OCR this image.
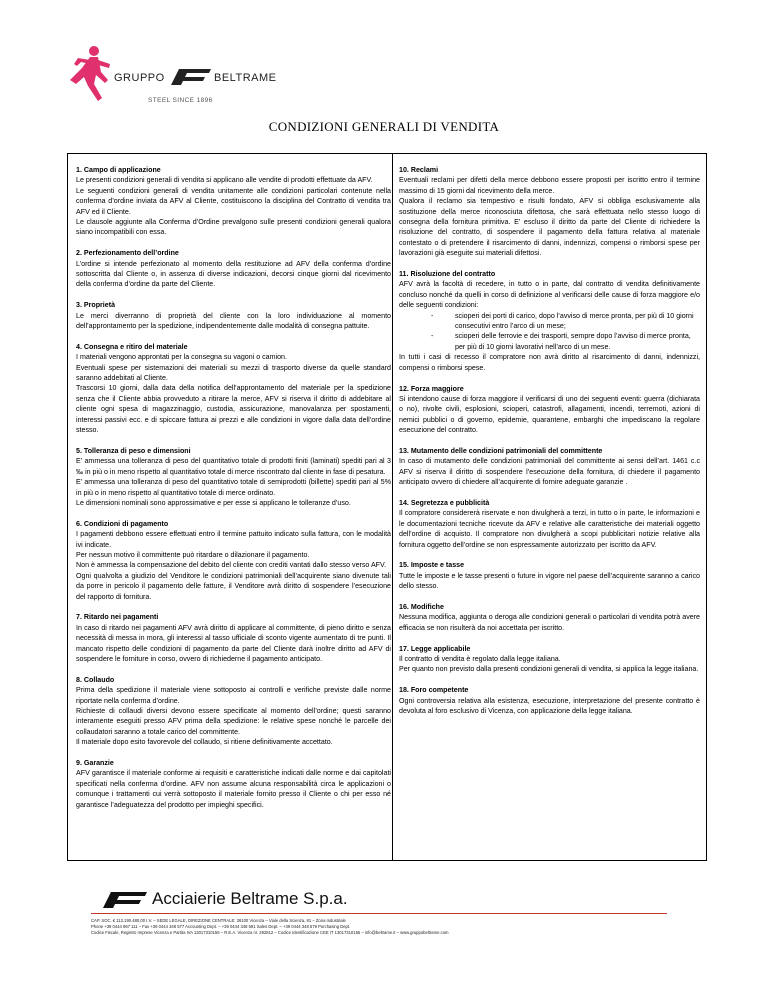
GRUPPO	BELTRAME
STEEL SINCE 1896
CONDIZIONI GENERALI DI VENDITA
1. Campo di applicazione
Le presenti condizioni generali di vendita si applicano alle vendite di prodotti effettuate da AFV.
Le seguenti condizioni generali di vendita unitamente alle condizioni particolari contenute nella conferma d’ordine inviata da AFV al Cliente, costituiscono la disciplina del Contratto di vendita tra AFV ed il Cliente.
Le clausole aggiunte alla Conferma d’Ordine prevalgono sulle presenti condizioni generali qualora siano incompatibili con essa.
2. Perfezionamento dell’ordine
L’ordine si intende perfezionato al momento della restituzione ad AFV della conferma d’ordine sottoscritta dal Cliente o, in assenza di diverse indicazioni, decorsi cinque giorni dal ricevimento della conferma d’ordine da parte del Cliente.
3. Proprietà
Le merci diverranno di proprietà del cliente con la loro individuazione al momento dell’approntamento per la spedizione, indipendentemente dalle modalità di consegna pattuite.
4. Consegna e ritiro del materiale
I materiali vengono approntati per la consegna su vagoni o camion.
Eventuali spese per sistemazioni dei materiali su mezzi di trasporto diverse da quelle standard saranno addebitati al Cliente.
Trascorsi 10 giorni, dalla data della notifica dell’approntamento del materiale per la spedizione senza che il Cliente abbia provveduto a ritirare la merce, AFV si riserva il diritto di addebitare al cliente ogni spesa di magazzinaggio, custodia, assicurazione, manovalanza per spostamenti, interessi passivi ecc. e di spiccare fattura ai prezzi e alle condizioni in vigore dalla data dell’ordine stesso.
5. Tolleranza di peso e dimensioni
E’ ammessa una tolleranza di peso del quantitativo totale di prodotti finiti (laminati) spediti pari al 3 ‰ in più o in meno rispetto al quantitativo totale di merce riscontrato dal cliente in fase di pesatura.
E’ ammessa una tolleranza di peso del quantitativo totale di semiprodotti (billette) spediti pari al 5% in più o in meno rispetto al quantitativo totale di merce ordinato.
Le dimensioni nominali sono approssimative e per esse si applicano le tolleranze d’uso.
6. Condizioni di pagamento
I pagamenti debbono essere effettuati entro il termine pattuito indicato sulla fattura, con le modalità ivi indicate.
Per nessun motivo il committente può ritardare o dilazionare il pagamento.
Non è ammessa la compensazione del debito del cliente con crediti vantati dallo stesso verso AFV.
Ogni qualvolta a giudizio del Venditore le condizioni patrimoniali dell’acquirente siano divenute tali da porre in pericolo il pagamento delle fatture, il Venditore avrà diritto di sospendere l’esecuzione del rapporto di fornitura.
7. Ritardo nei pagamenti
In caso di ritardo nei pagamenti AFV avrà diritto di applicare al committente, di pieno diritto e senza necessità di messa in mora, gli interessi al tasso ufficiale di sconto vigente aumentato di tre punti. Il mancato rispetto delle condizioni di pagamento da parte del Cliente darà inoltre diritto ad AFV di sospendere le forniture in corso, ovvero di richiederne il pagamento anticipato.
8. Collaudo
Prima della spedizione il materiale viene sottoposto ai controlli e verifiche previste dalle norme riportate nella conferma d’ordine.
Richieste di collaudi diversi devono essere specificate al momento dell’ordine; questi saranno interamente eseguiti presso AFV prima della spedizione: le relative spese nonché le parcelle dei collaudatori saranno a totale carico del committente.
Il materiale dopo esito favorevole del collaudo, si ritiene definitivamente accettato.
9. Garanzie
AFV garantisce il materiale conforme ai requisiti e caratteristiche indicati dalle norme e dai capitolati specificati nella conferma d’ordine. AFV non assume alcuna responsabilità circa le applicazioni o comunque i trattamenti cui verrà sottoposto il materiale fornito presso il Cliente o chi per esso né garantisce l’adeguatezza del prodotto per impieghi specifici.
10. Reclami
Eventuali reclami per difetti della merce debbono essere proposti per iscritto entro il termine massimo di 15 giorni dal ricevimento della merce.
Qualora il reclamo sia tempestivo e risulti fondato, AFV si obbliga esclusivamente alla sostituzione della merce riconosciuta difettosa, che sarà effettuata nello stesso luogo di consegna della fornitura primitiva. E’ escluso il diritto da parte del Cliente di richiedere la risoluzione del contratto, di sospendere il pagamento della fattura relativa al materiale contestato o di pretendere il risarcimento di danni, indennizzi, compensi o rimborsi spese per lavorazioni già eseguite sui materiali difettosi.
11. Risoluzione del contratto
AFV avrà la facoltà di recedere, in tutto o in parte, dal contratto di vendita definitivamente concluso nonché da quelli in corso di definizione al verificarsi delle cause di forza maggiore e/o delle seguenti condizioni:
-	scioperi dei porti di carico, dopo l’avviso di merce pronta, per più di 10 giorni consecutivi entro l’arco di un mese;
-	scioperi delle ferrovie e dei trasporti, sempre dopo l’avviso di merce pronta, per più di 10 giorni lavorativi nell’arco di un mese.
In tutti i casi di recesso il compratore non avrà diritto al risarcimento di danni, indennizzi, compensi o rimborsi spese.
12. Forza maggiore
Si intendono cause di forza maggiore il verificarsi di uno dei seguenti eventi: guerra (dichiarata o no), rivolte civili, esplosioni, scioperi, catastrofi, allagamenti, incendi, terremoti, azioni di nemici pubblici o di governo, epidemie, quarantene, embarghi che impediscano la regolare esecuzione del contratto.
13. Mutamento delle condizioni patrimoniali del committente
In caso di mutamento delle condizioni patrimoniali del committente ai sensi dell’art. 1461 c.c AFV si riserva il diritto di sospendere l’esecuzione della fornitura, di chiedere il pagamento anticipato ovvero di chiedere all’acquirente di fornire adeguate garanzie .
14. Segretezza e pubblicità
Il compratore considererà riservate e non divulgherà a terzi, in tutto o in parte, le informazioni e le documentazioni tecniche ricevute da AFV e relative alle caratteristiche dei materiali oggetto dell’ordine di acquisto. Il compratore non divulgherà a scopi pubblicitari notizie relative alla fornitura oggetto dell’ordine se non espressamente autorizzato per iscritto da AFV.
15. Imposte e tasse
Tutte le imposte e le tasse presenti o future in vigore nel paese dell’acquirente saranno a carico dello stesso.
16. Modifiche
Nessuna modifica, aggiunta o deroga alle condizioni generali o particolari di vendita potrà avere efficacia se non risulterà da noi accettata per iscritto.
17. Legge applicabile
Il contratto di vendita è regolato dalla legge italiana.
Per quanto non previsto dalla presenti condizioni generali di vendita, si applica la legge italiana.
18. Foro competente
Ogni controversia relativa alla esistenza, esecuzione, interpretazione del presente contratto è devoluta al foro esclusivo di Vicenza, con applicazione della legge italiana.
Acciaierie Beltrame S.p.a.
CAP. SOC. € 113.190.480,00 I.V. – SEDE LEGALE, DIREZIONE CENTRALE: 36100 Vicenza – Viale della Scienza, 81 – Zona Industriale
Phone +39 0444 967 111 – Fax +39 0444 348 577 Accounting Dept. – +39 0444 348 591 Sales Dept. – +39 0444 348 579 Purchasing Dept.
Codice Fiscale, Registro Imprese Vicenza e Partita IVA 13017310155 – R.E.A. Vicenza nr. 292812 – Codice Identificazione CEE IT 13017310155 – info@beltrame.it – www.gruppobeltrame.com
